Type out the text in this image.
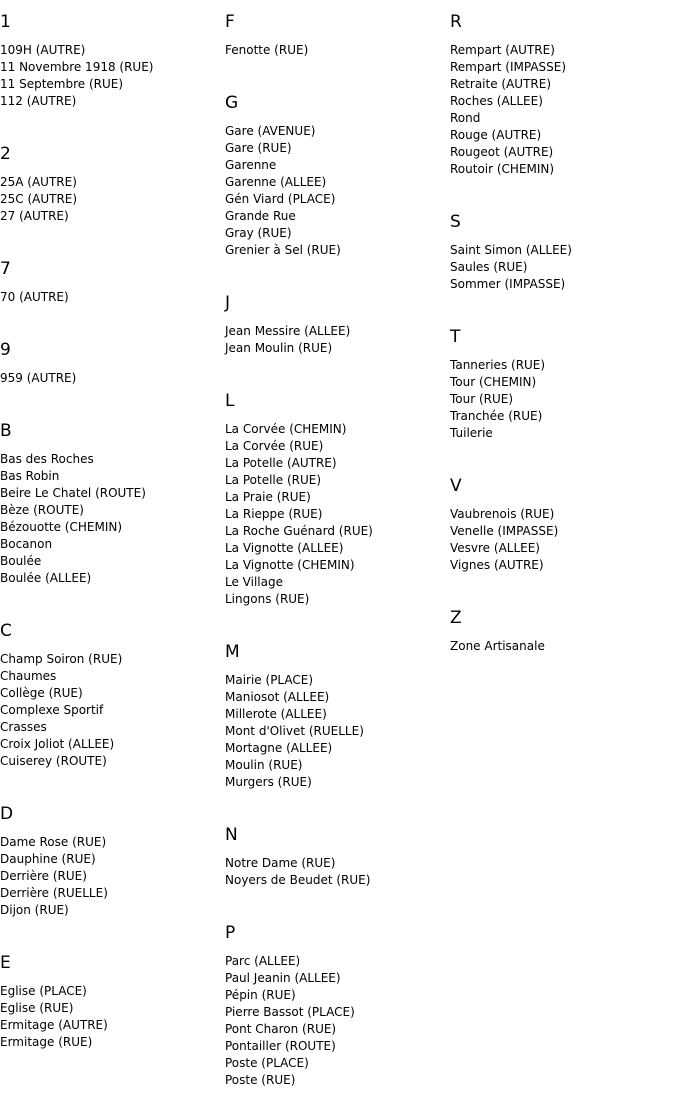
1
109H (AUTRE)
11 Novembre 1918 (RUE)
11 Septembre (RUE)
112 (AUTRE)
2
25A (AUTRE)
25C (AUTRE)
27 (AUTRE)
7
70 (AUTRE)
9
959 (AUTRE)
B
Bas des Roches
Bas Robin
Beire Le Chatel (ROUTE)
Bèze (ROUTE)
Bézouotte (CHEMIN)
Bocanon
Boulée
Boulée (ALLEE)
C
Champ Soiron (RUE)
Chaumes
Collège (RUE)
Complexe Sportif
Crasses
Croix Joliot (ALLEE)
Cuiserey (ROUTE)
D
Dame Rose (RUE)
Dauphine (RUE)
Derrière (RUE)
Derrière (RUELLE)
Dijon (RUE)
E
Eglise (PLACE)
Eglise (RUE)
Ermitage (AUTRE)
Ermitage (RUE)
F
Fenotte (RUE)
G
Gare (AVENUE)
Gare (RUE)
Garenne
Garenne (ALLEE)
Gén Viard (PLACE)
Grande Rue
Gray (RUE)
Grenier à Sel (RUE)
J
Jean Messire (ALLEE)
Jean Moulin (RUE)
L
La Corvée (CHEMIN)
La Corvée (RUE)
La Potelle (AUTRE)
La Potelle (RUE)
La Praie (RUE)
La Rieppe (RUE)
La Roche Guénard (RUE)
La Vignotte (ALLEE)
La Vignotte (CHEMIN)
Le Village
Lingons (RUE)
M
Mairie (PLACE)
Maniosot (ALLEE)
Millerote (ALLEE)
Mont d'Olivet (RUELLE)
Mortagne (ALLEE)
Moulin (RUE)
Murgers (RUE)
N
Notre Dame (RUE)
Noyers de Beudet (RUE)
P
Parc (ALLEE)
Paul Jeanin (ALLEE)
Pépin (RUE)
Pierre Bassot (PLACE)
Pont Charon (RUE)
Pontailler (ROUTE)
Poste (PLACE)
Poste (RUE)
R
Rempart (AUTRE)
Rempart (IMPASSE)
Retraite (AUTRE)
Roches (ALLEE)
Rond
Rouge (AUTRE)
Rougeot (AUTRE)
Routoir (CHEMIN)
S
Saint Simon (ALLEE)
Saules (RUE)
Sommer (IMPASSE)
T
Tanneries (RUE)
Tour (CHEMIN)
Tour (RUE)
Tranchée (RUE)
Tuilerie
V
Vaubrenois (RUE)
Venelle (IMPASSE)
Vesvre (ALLEE)
Vignes (AUTRE)
Z
Zone Artisanale
